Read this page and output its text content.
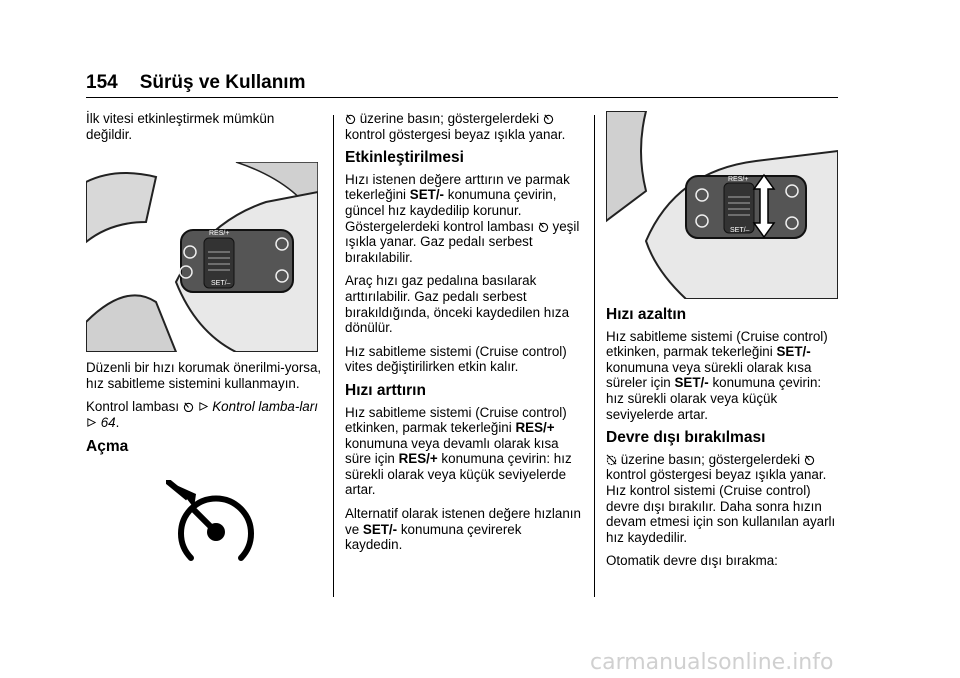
154 Sürüş ve Kullanım

İlk vitesi etkinleştirmek mümkün değildir.

RES/+
SET/–

Düzenli bir hızı korumak önerilmi-yorsa, hız sabitleme sistemini kullanmayın.

Kontrol lambası Kontrol lamba-ları  64.

Açma

üzerine basın; göstergelerdeki  kontrol göstergesi beyaz ışıkla yanar.

Etkinleştirilmesi

Hızı istenen değere arttırın ve parmak tekerleğini SET/- konumuna çevirin, güncel hız kaydedilip korunur. Göstergelerdeki kontrol lambası yeşil ışıkla yanar. Gaz pedalı serbest bırakılabilir.

Araç hızı gaz pedalına basılarak arttırılabilir. Gaz pedalı serbest bırakıldığında, önceki kaydedilen hıza dönülür.

Hız sabitleme sistemi (Cruise control) vites değiştirilirken etkin kalır.

Hızı arttırın

Hız sabitleme sistemi (Cruise control) etkinken, parmak tekerleğini RES/+ konumuna veya devamlı olarak kısa süre için RES/+ konumuna çevirin: hız sürekli olarak veya küçük seviyelerde artar.

Alternatif olarak istenen değere hızlanın ve SET/- konumuna çevirerek kaydedin.

RES/+
SET/–
Hızı azaltın

Hız sabitleme sistemi (Cruise control) etkinken, parmak tekerleğini SET/- konumuna veya sürekli olarak kısa süreler için SET/- konumuna çevirin: hız sürekli olarak veya küçük seviyelerde artar.

Devre dışı bırakılması

üzerine basın; göstergelerdeki  kontrol göstergesi beyaz ışıkla yanar. Hız kontrol sistemi (Cruise control) devre dışı bırakılır. Daha sonra hızın devam etmesi için son kullanılan ayarlı hız kaydedilir.

Otomatik devre dışı bırakma:

carmanualsonline.info
